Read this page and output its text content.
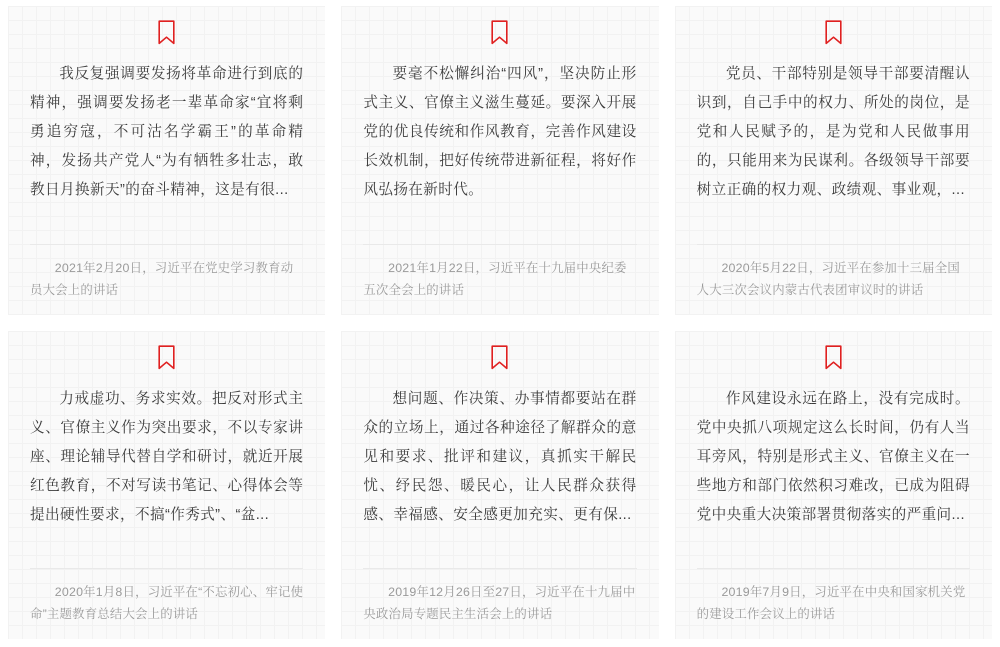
我反复强调要发扬将革命进行到底的精神，强调要发扬老一辈革命家“宜将剩勇追穷寇，不可沽名学霸王”的革命精神，发扬共产党人“为有牺牲多壮志，敢教日月换新天”的奋斗精神，这是有很...

2021年2月20日，习近平在党史学习教育动员大会上的讲话

要毫不松懈纠治“四风”，坚决防止形式主义、官僚主义滋生蔓延。要深入开展党的优良传统和作风教育，完善作风建设长效机制，把好传统带进新征程，将好作风弘扬在新时代。

2021年1月22日，习近平在十九届中央纪委五次全会上的讲话

党员、干部特别是领导干部要清醒认识到，自己手中的权力、所处的岗位，是党和人民赋予的，是为党和人民做事用的，只能用来为民谋利。各级领导干部要树立正确的权力观、政绩观、事业观，...

2020年5月22日，习近平在参加十三届全国人大三次会议内蒙古代表团审议时的讲话

力戒虚功、务求实效。把反对形式主义、官僚主义作为突出要求，不以专家讲座、理论辅导代替自学和研讨，就近开展红色教育，不对写读书笔记、心得体会等提出硬性要求，不搞“作秀式”、“盆...

2020年1月8日，习近平在“不忘初心、牢记使命”主题教育总结大会上的讲话

想问题、作决策、办事情都要站在群众的立场上，通过各种途径了解群众的意见和要求、批评和建议，真抓实干解民忧、纾民怨、暖民心，让人民群众获得感、幸福感、安全感更加充实、更有保...

2019年12月26日至27日，习近平在十九届中央政治局专题民主生活会上的讲话

作风建设永远在路上，没有完成时。党中央抓八项规定这么长时间，仍有人当耳旁风，特别是形式主义、官僚主义在一些地方和部门依然积习难改，已成为阻碍党中央重大决策部署贯彻落实的严重问...

2019年7月9日，习近平在中央和国家机关党的建设工作会议上的讲话
